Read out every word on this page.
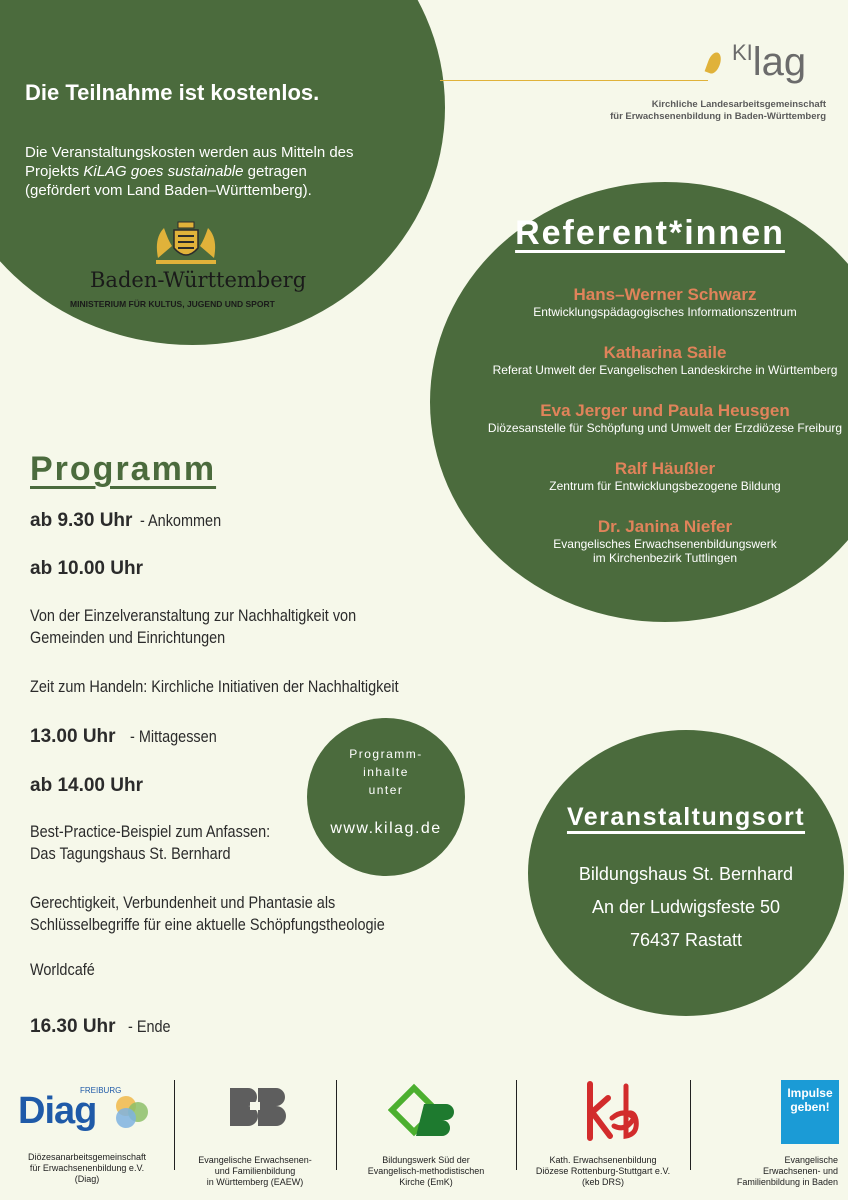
Die Teilnahme ist kostenlos.
Die Veranstaltungskosten werden aus Mitteln des
Projekts KiLAG goes sustainable getragen
(gefördert vom Land Baden–Württemberg).
Baden-Württemberg
MINISTERIUM FÜR KULTUS, JUGEND UND SPORT
KIlag
Kirchliche Landesarbeitsgemeinschaft
für Erwachsenenbildung in Baden-Württemberg
Referent*innen
Hans–Werner Schwarz
Entwicklungspädagogisches Informationszentrum
Katharina Saile
Referat Umwelt der Evangelischen Landeskirche in Württemberg
Eva Jerger und Paula Heusgen
Diözesanstelle für Schöpfung und Umwelt der Erzdiözese Freiburg
Ralf Häußler
Zentrum für Entwicklungsbezogene Bildung
Dr. Janina Niefer
Evangelisches Erwachsenenbildungswerk
im Kirchenbezirk Tuttlingen
Programm
ab 9.30 Uhr- Ankommen
ab 10.00 Uhr
Von der Einzelveranstaltung zur Nachhaltigkeit von
Gemeinden und Einrichtungen
Zeit zum Handeln: Kirchliche Initiativen der Nachhaltigkeit
13.00 Uhr- Mittagessen
ab 14.00 Uhr
Best-Practice-Beispiel zum Anfassen:
Das Tagungshaus St. Bernhard
Gerechtigkeit, Verbundenheit und Phantasie als
Schlüsselbegriffe für eine aktuelle Schöpfungstheologie
Worldcafé
16.30 Uhr- Ende
Programm-
inhalte
unter
www.kilag.de	Veranstaltungsort
Bildungshaus St. Bernhard
An der Ludwigsfeste 50
76437 Rastatt
Diag
FREIBURG	Impulse
geben!
Diözesanarbeitsgemeinschaft
für Erwachsenenbildung e.V.
(Diag)
Evangelische Erwachsenen-
und Familienbildung
in Württemberg (EAEW)
Bildungswerk Süd der
Evangelisch-methodistischen
Kirche (EmK)
Kath. Erwachsenenbildung
Diözese Rottenburg-Stuttgart e.V.
(keb DRS)
Evangelische
Erwachsenen- und
Familienbildung in Baden
